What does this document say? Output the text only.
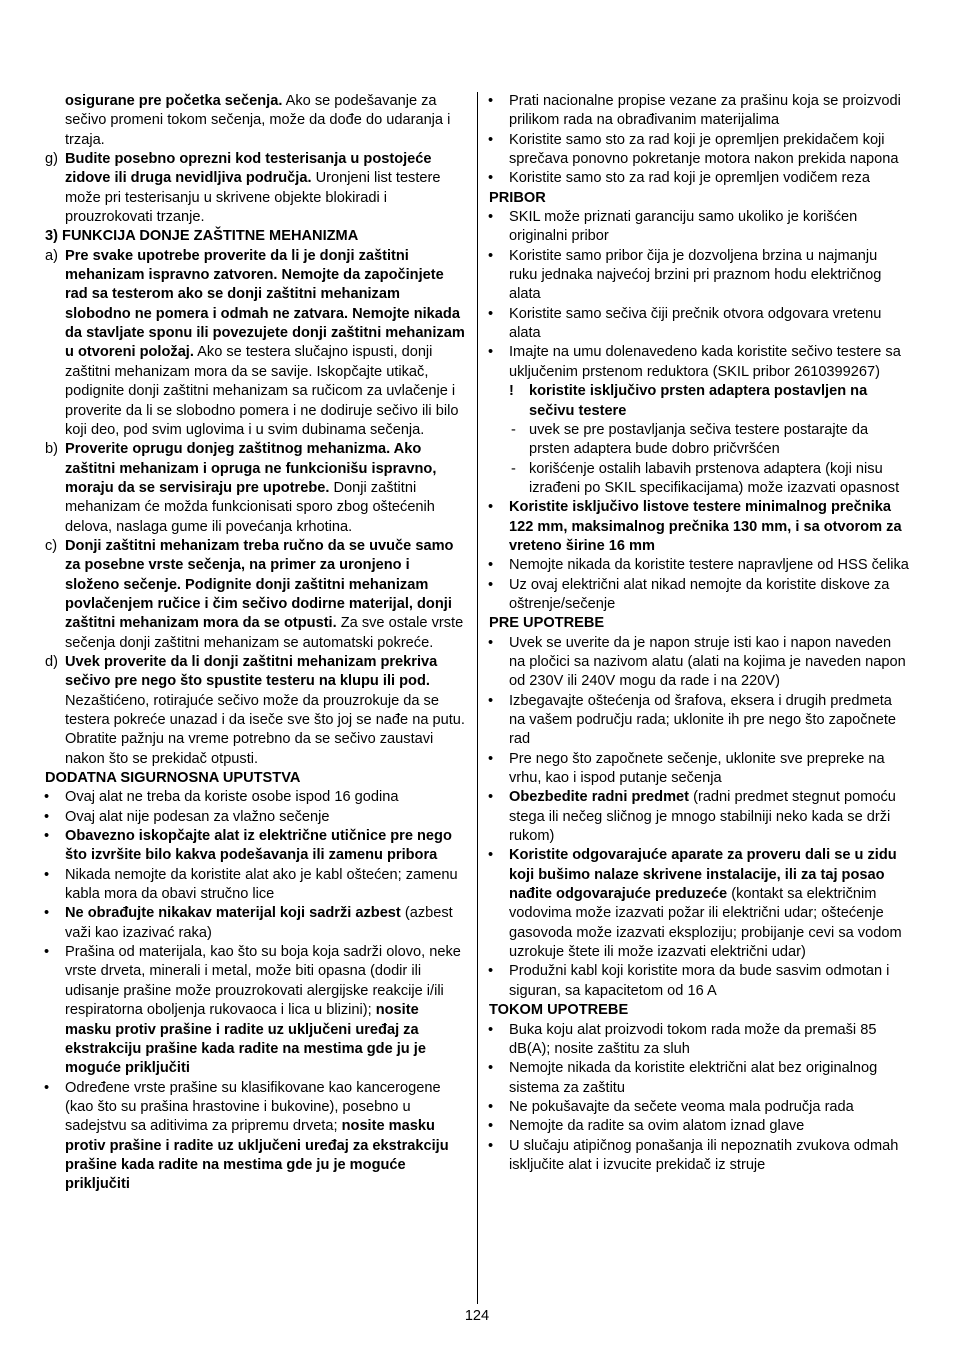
osigurane pre početka sečenja. Ako se podešavanje za sečivo promeni tokom sečenja, može da dođe do udaranja i trzaja.

g) Budite posebno oprezni kod testerisanja u postojeće zidove ili druga nevidljiva područja. Uronjeni list testere može pri testerisanju u skrivene objekte blokiradi i prouzrokovati trzanje.
3) FUNKCIJA DONJE ZAŠTITNE MEHANIZMA
a) Pre svake upotrebe proverite da li je donji zaštitni mehanizam ispravno zatvoren. Nemojte da započinjete rad sa testerom ako se donji zaštitni mehanizam slobodno ne pomera i odmah ne zatvara. Nemojte nikada da stavljate sponu ili povezujete donji zaštitni mehanizam u otvoreni položaj. Ako se testera slučajno ispusti, donji zaštitni mehanizam mora da se savije. Iskopčajte utikač, podignite donji zaštitni mehanizam sa ručicom za uvlačenje i proverite da li se slobodno pomera i ne dodiruje sečivo ili bilo koji deo, pod svim uglovima i u svim dubinama sečenja.
b) Proverite oprugu donjeg zaštitnog mehanizma. Ako zaštitni mehanizam i opruga ne funkcionišu ispravno, moraju da se servisiraju pre upotrebe. Donji zaštitni mehanizam će možda funkcionisati sporo zbog oštećenih delova, naslaga gume ili povećanja krhotina.
c) Donji zaštitni mehanizam treba ručno da se uvuče samo za posebne vrste sečenja, na primer za uronjeno i složeno sečenje. Podignite donji zaštitni mehanizam povlačenjem ručice i čim sečivo dodirne materijal, donji zaštitni mehanizam mora da se otpusti. Za sve ostale vrste sečenja donji zaštitni mehanizam se automatski pokreće.
d) Uvek proverite da li donji zaštitni mehanizam prekriva sečivo pre nego što spustite testeru na klupu ili pod. Nezaštićeno, rotirajuće sečivo može da prouzrokuje da se testera pokreće unazad i da iseče sve što joj se nađe na putu. Obratite pažnju na vreme potrebno da se sečivo zaustavi nakon što se prekidač otpusti.
DODATNA SIGURNOSNA UPUTSTVA
• Ovaj alat ne treba da koriste osobe ispod 16 godina
• Ovaj alat nije podesan za vlažno sečenje
• Obavezno iskopčajte alat iz električne utičnice pre nego što izvršite bilo kakva podešavanja ili zamenu pribora
• Nikada nemojte da koristite alat ako je kabl oštećen; zamenu kabla mora da obavi stručno lice
• Ne obrađujte nikakav materijal koji sadrži azbest (azbest važi kao izazivać raka)
• Prašina od materijala, kao što su boja koja sadrži olovo, neke vrste drveta, minerali i metal, može biti opasna (dodir ili udisanje prašine može prouzrokovati alergijske reakcije i/ili respiratorna oboljenja rukovaoca i lica u blizini); nosite masku protiv prašine i radite uz uključeni uređaj za ekstrakciju prašine kada radite na mestima gde ju je moguće priključiti
• Određene vrste prašine su klasifikovane kao kancerogene (kao što su prašina hrastovine i bukovine), posebno u sadejstvu sa aditivima za pripremu drveta; nosite masku protiv prašine i radite uz uključeni uređaj za ekstrakciju prašine kada radite na mestima gde ju je moguće priključiti
• Prati nacionalne propise vezane za prašinu koja se proizvodi prilikom rada na obrađivanim materijalima
• Koristite samo sto za rad koji je opremljen prekidačem koji sprečava ponovno pokretanje motora nakon prekida napona
• Koristite samo sto za rad koji je opremljen vodičem reza
PRIBOR
• SKIL može priznati garanciju samo ukoliko je korišćen originalni pribor
• Koristite samo pribor čija je dozvoljena brzina u najmanju ruku jednaka najvećoj brzini pri praznom hodu električnog alata
• Koristite samo sečiva čiji prečnik otvora odgovara vretenu alata
• Imajte na umu dolenavedeno kada koristite sečivo testere sa uključenim prstenom reduktora (SKIL pribor 2610399267)
! koristite isključivo prsten adaptera postavljen na sečivu testere
- uvek se pre postavljanja sečiva testere postarajte da prsten adaptera bude dobro pričvršćen
- korišćenje ostalih labavih prstenova adaptera (koji nisu izrađeni po SKIL specifikacijama) može izazvati opasnost
• Koristite isključivo listove testere minimalnog prečnika 122 mm, maksimalnog prečnika 130 mm, i sa otvorom za vreteno širine 16 mm
• Nemojte nikada da koristite testere napravljene od HSS čelika
• Uz ovaj električni alat nikad nemojte da koristite diskove za oštrenje/sečenje
PRE UPOTREBE
• Uvek se uverite da je napon struje isti kao i napon naveden na pločici sa nazivom alatu (alati na kojima je naveden napon od 230V ili 240V mogu da rade i na 220V)
• Izbegavajte oštećenja od šrafova, eksera i drugih predmeta na vašem području rada; uklonite ih pre nego što započnete rad
• Pre nego što započnete sečenje, uklonite sve prepreke na vrhu, kao i ispod putanje sečenja
• Obezbedite radni predmet (radni predmet stegnut pomoću stega ili nečeg sličnog je mnogo stabilniji neko kada se drži rukom)
• Koristite odgovarajuće aparate za proveru dali se u zidu koji bušimo nalaze skrivene instalacije, ili za taj posao nađite odgovarajuće preduzeće (kontakt sa električnim vodovima može izazvati požar ili električni udar; oštećenje gasovoda može izazvati eksploziju; probijanje cevi sa vodom uzrokuje štete ili može izazvati električni udar)
• Produžni kabl koji koristite mora da bude sasvim odmotan i siguran, sa kapacitetom od 16 A
TOKOM UPOTREBE
• Buka koju alat proizvodi tokom rada može da premaši 85 dB(A); nosite zaštitu za sluh
• Nemojte nikada da koristite električni alat bez originalnog sistema za zaštitu
• Ne pokušavajte da sečete veoma mala područja rada
• Nemojte da radite sa ovim alatom iznad glave
• U slučaju atipičnog ponašanja ili nepoznatih zvukova odmah isključite alat i izvucite prekidač iz struje
124
